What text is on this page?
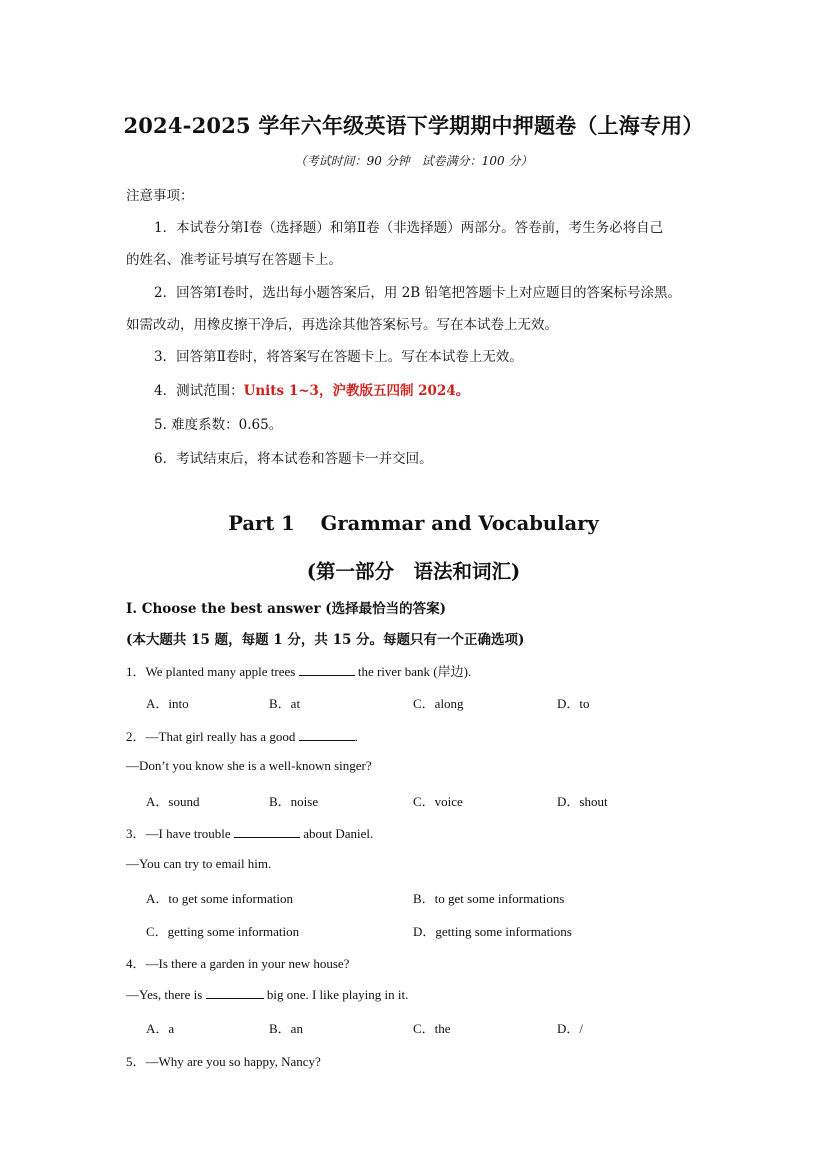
2024-2025 学年六年级英语下学期期中押题卷（上海专用）
（考试时间：90 分钟　试卷满分：100 分）
注意事项：
1．本试卷分第Ⅰ卷（选择题）和第Ⅱ卷（非选择题）两部分。答卷前，考生务必将自己
的姓名、准考证号填写在答题卡上。
2．回答第Ⅰ卷时，选出每小题答案后，用 2B 铅笔把答题卡上对应题目的答案标号涂黑。
如需改动，用橡皮擦干净后，再选涂其他答案标号。写在本试卷上无效。
3．回答第Ⅱ卷时，将答案写在答题卡上。写在本试卷上无效。
4．测试范围：Units 1~3，沪教版五四制 2024。
5. 难度系数：0.65。
6．考试结束后，将本试卷和答题卡一并交回。
Part 1 Grammar and Vocabulary
(第一部分　语法和词汇)
I. Choose the best answer (选择最恰当的答案)
(本大题共 15 题，每题 1 分，共 15 分。每题只有一个正确选项)
1．We planted many apple trees	the river bank (岸边).
A．into	B．at	C．along	D．to
2．—That girl really has a good	.
—Don’t you know she is a well-known singer?
A．sound	B．noise	C．voice	D．shout
3．—I have trouble	about Daniel.
—You can try to email him.
A．to get some information	B．to get some informations
C．getting some information	D．getting some informations
4．—Is there a garden in your new house?
—Yes, there is	big one. I like playing in it.
A．a	B．an	C．the	D．/
5．—Why are you so happy, Nancy?
